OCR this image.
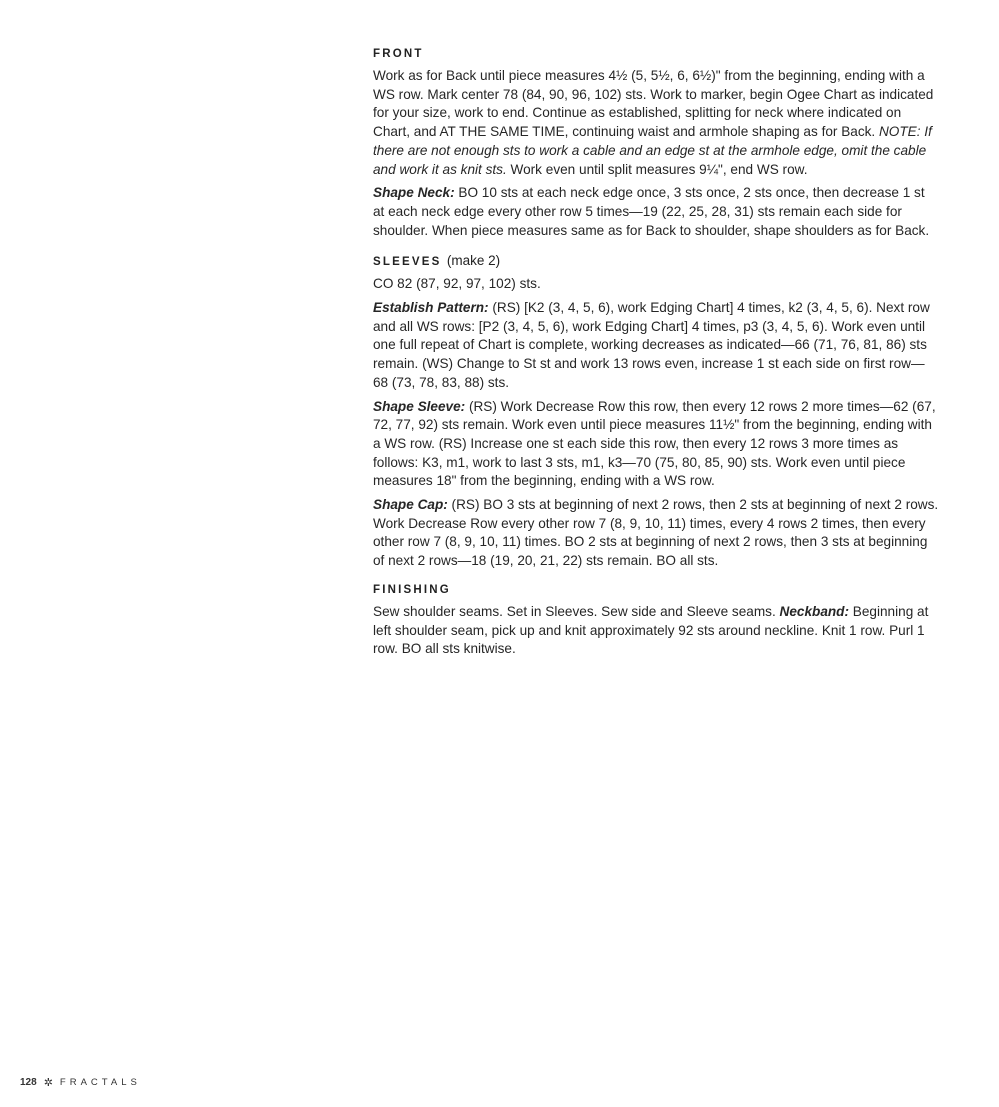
FRONT

Work as for Back until piece measures 4½ (5, 5½, 6, 6½)" from the beginning, ending with a WS row. Mark center 78 (84, 90, 96, 102) sts. Work to marker, begin Ogee Chart as indicated for your size, work to end. Continue as established, splitting for neck where indicated on Chart, and AT THE SAME TIME, continuing waist and armhole shaping as for Back. NOTE: If there are not enough sts to work a cable and an edge st at the armhole edge, omit the cable and work it as knit sts. Work even until split measures 9¼", end WS row.

Shape Neck: BO 10 sts at each neck edge once, 3 sts once, 2 sts once, then decrease 1 st at each neck edge every other row 5 times—19 (22, 25, 28, 31) sts remain each side for shoulder. When piece measures same as for Back to shoulder, shape shoulders as for Back.

SLEEVES (make 2)

CO 82 (87, 92, 97, 102) sts.

Establish Pattern: (RS) [K2 (3, 4, 5, 6), work Edging Chart] 4 times, k2 (3, 4, 5, 6). Next row and all WS rows: [P2 (3, 4, 5, 6), work Edging Chart] 4 times, p3 (3, 4, 5, 6). Work even until one full repeat of Chart is complete, working decreases as indicated—66 (71, 76, 81, 86) sts remain. (WS) Change to St st and work 13 rows even, increase 1 st each side on first row—68 (73, 78, 83, 88) sts.

Shape Sleeve: (RS) Work Decrease Row this row, then every 12 rows 2 more times—62 (67, 72, 77, 92) sts remain. Work even until piece measures 11½" from the beginning, ending with a WS row. (RS) Increase one st each side this row, then every 12 rows 3 more times as follows: K3, m1, work to last 3 sts, m1, k3—70 (75, 80, 85, 90) sts. Work even until piece measures 18" from the beginning, ending with a WS row.

Shape Cap: (RS) BO 3 sts at beginning of next 2 rows, then 2 sts at beginning of next 2 rows. Work Decrease Row every other row 7 (8, 9, 10, 11) times, every 4 rows 2 times, then every other row 7 (8, 9, 10, 11) times. BO 2 sts at beginning of next 2 rows, then 3 sts at beginning of next 2 rows—18 (19, 20, 21, 22) sts remain. BO all sts.

FINISHING

Sew shoulder seams. Set in Sleeves. Sew side and Sleeve seams. Neckband: Beginning at left shoulder seam, pick up and knit approximately 92 sts around neckline. Knit 1 row. Purl 1 row. BO all sts knitwise.

128 ✲ FRACTALS
